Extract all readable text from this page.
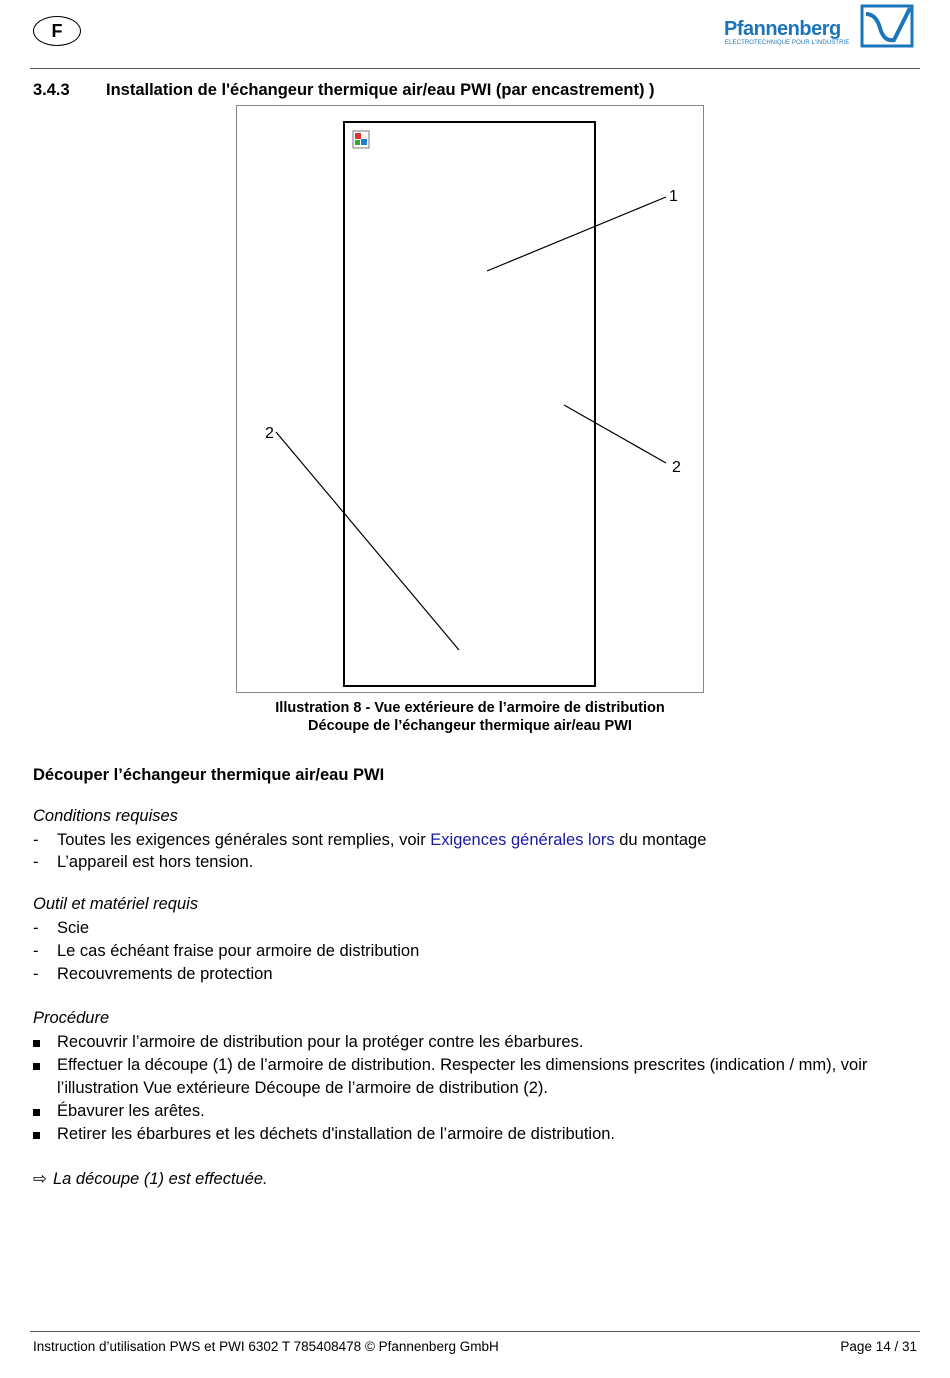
F	Pfannenberg
ELECTROTECHNIQUE POUR L'INDUSTRIE
3.4.3 Installation de l'échangeur thermique air/eau PWI (par encastrement) )
1
2
2
Illustration 8 - Vue extérieure de l’armoire de distribution
Découpe de l’échangeur thermique air/eau PWI
Découper l’échangeur thermique air/eau PWI
Conditions requises
-	Toutes les exigences générales sont remplies, voir Exigences générales lors du montage
-	L’appareil est hors tension.
Outil et matériel requis
-	Scie
-	Le cas échéant fraise pour armoire de distribution
-	Recouvrements de protection
Procédure
Recouvrir l’armoire de distribution pour la protéger contre les ébarbures.
Effectuer la découpe (1) de l’armoire de distribution. Respecter les dimensions prescrites (indication / mm), voir
l’illustration Vue extérieure Découpe de l’armoire de distribution (2).
Ébavurer les arêtes.
Retirer les ébarbures et les déchets d'installation de l’armoire de distribution.
⇨ La découpe (1) est effectuée.
Instruction d’utilisation PWS et PWI 6302 T 785408478 © Pfannenberg GmbH	Page 14 / 31
